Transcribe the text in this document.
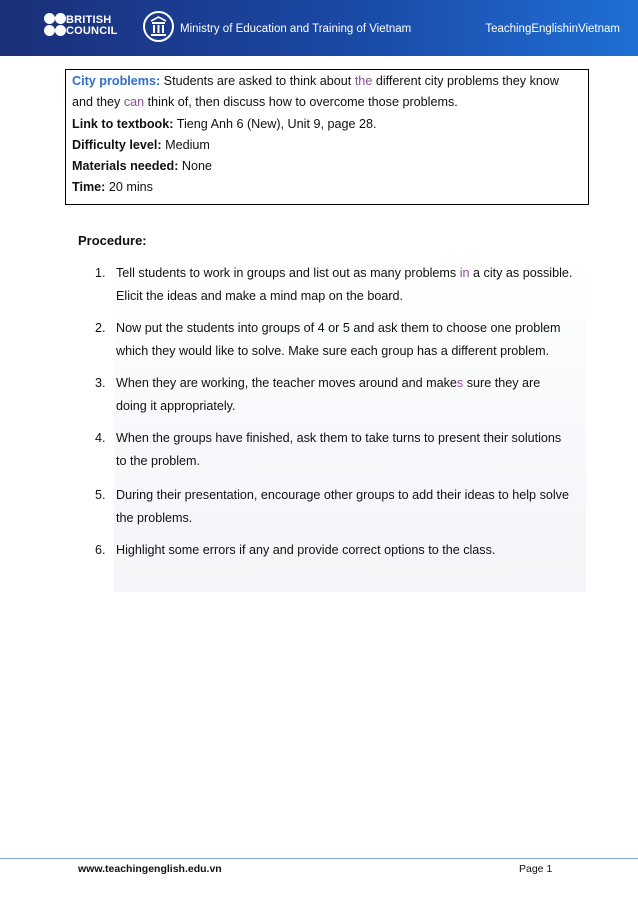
BRITISH
COUNCIL	Ministry of Education and Training of Vietnam	TeachingEnglishinVietnam
City problems: Students are asked to think about the different city problems they know
and they can think of, then discuss how to overcome those problems.
Link to textbook: Tieng Anh 6 (New), Unit 9, page 28.
Difficulty level: Medium
Materials needed: None
Time: 20 mins
Procedure:
1. Tell students to work in groups and list out as many problems in a city as possible.
Elicit the ideas and make a mind map on the board.
2. Now put the students into groups of 4 or 5 and ask them to choose one problem
which they would like to solve. Make sure each group has a different problem.
3. When they are working, the teacher moves around and makes sure they are
doing it appropriately.
4. When the groups have finished, ask them to take turns to present their solutions
to the problem.
5. During their presentation, encourage other groups to add their ideas to help solve
the problems.
6. Highlight some errors if any and provide correct options to the class.
www.teachingenglish.edu.vn	Page 1
